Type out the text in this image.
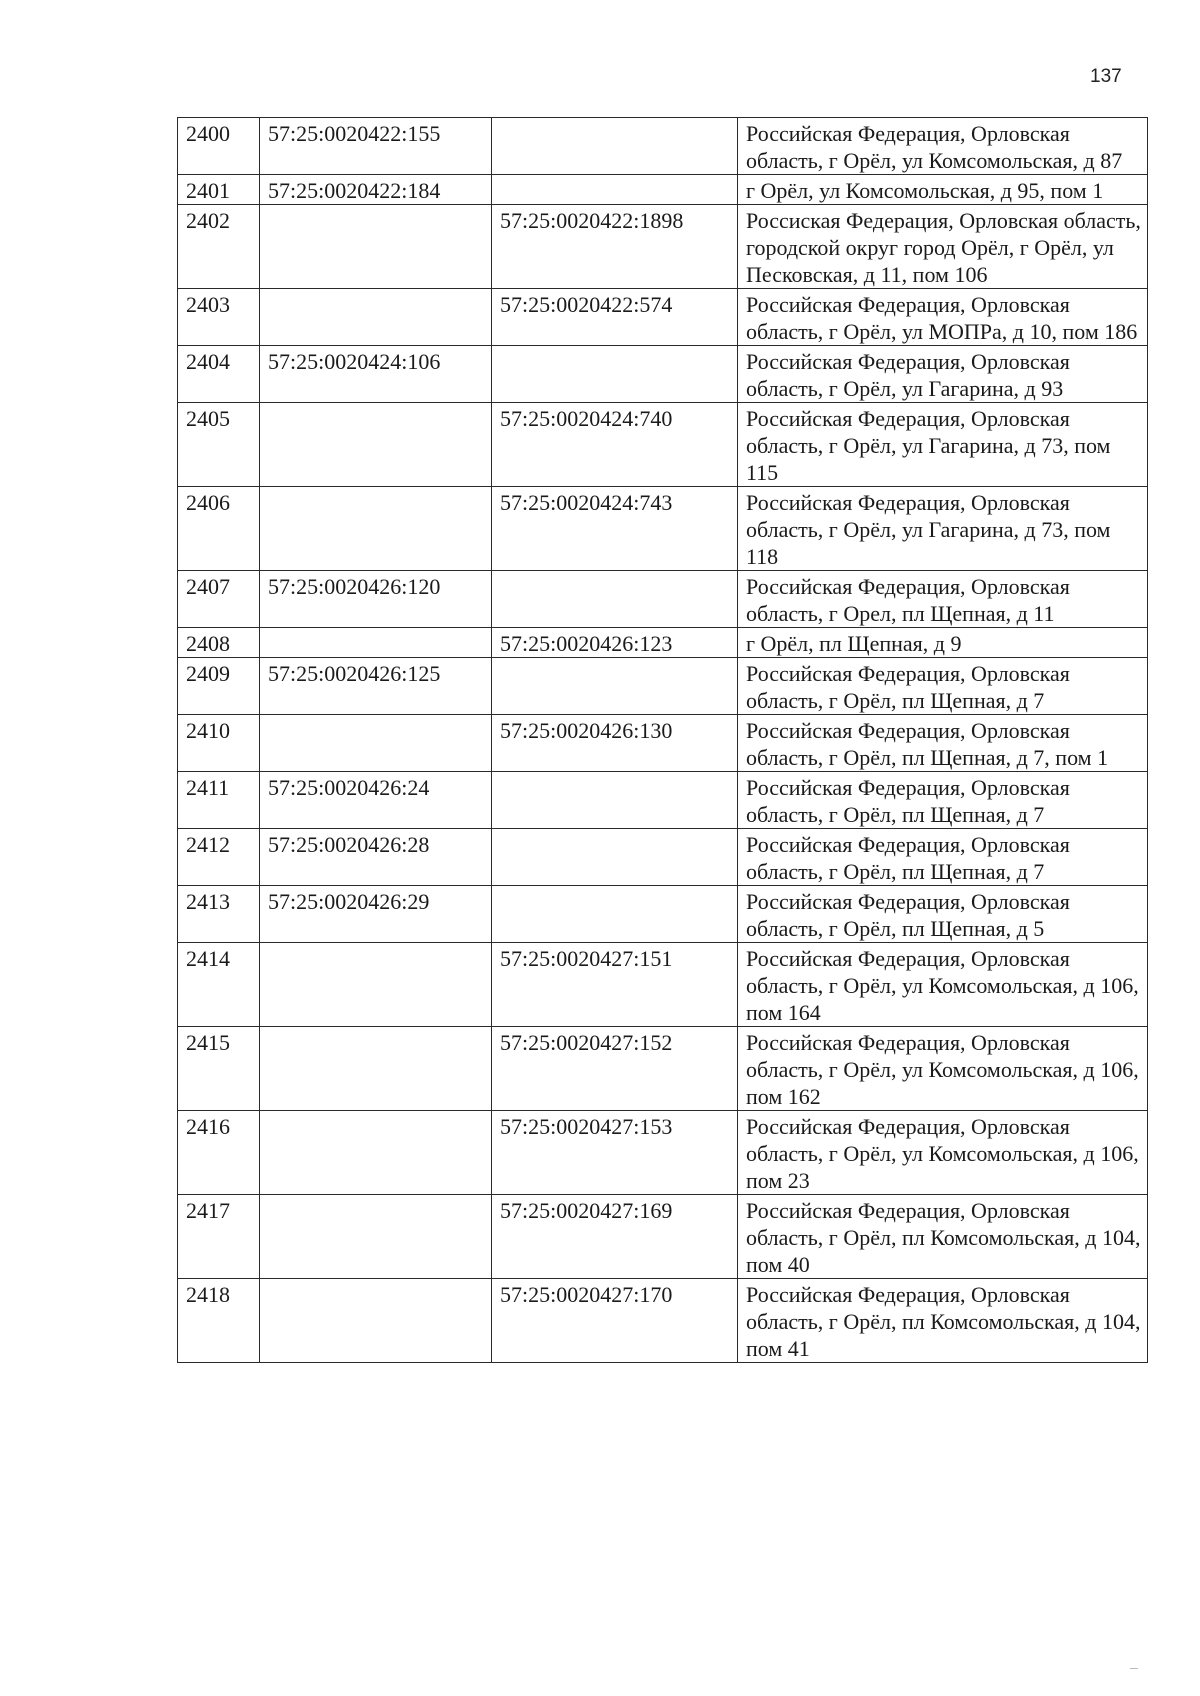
137
2400	57:25:0020422:155		Российская Федерация, Орловская область, г Орёл, ул Комсомольская, д 87
2401	57:25:0020422:184		г Орёл, ул Комсомольская, д 95, пом 1
2402		57:25:0020422:1898	Россиская Федерация, Орловская область, городской округ город Орёл, г Орёл, ул Песковская, д 11, пом 106
2403		57:25:0020422:574	Российская Федерация, Орловская область, г Орёл, ул МОПРа, д 10, пом 186
2404	57:25:0020424:106		Российская Федерация, Орловская область, г Орёл, ул Гагарина, д 93
2405		57:25:0020424:740	Российская Федерация, Орловская область, г Орёл, ул Гагарина, д 73, пом 115
2406		57:25:0020424:743	Российская Федерация, Орловская область, г Орёл, ул Гагарина, д 73, пом 118
2407	57:25:0020426:120		Российская Федерация, Орловская область, г Орел, пл Щепная, д 11
2408		57:25:0020426:123	г Орёл, пл Щепная, д 9
2409	57:25:0020426:125		Российская Федерация, Орловская область, г Орёл, пл Щепная, д 7
2410		57:25:0020426:130	Российская Федерация, Орловская область, г Орёл, пл Щепная, д 7, пом 1
2411	57:25:0020426:24		Российская Федерация, Орловская область, г Орёл, пл Щепная, д 7
2412	57:25:0020426:28		Российская Федерация, Орловская область, г Орёл, пл Щепная, д 7
2413	57:25:0020426:29		Российская Федерация, Орловская область, г Орёл, пл Щепная, д 5
2414		57:25:0020427:151	Российская Федерация, Орловская область, г Орёл, ул Комсомольская, д 106, пом 164
2415		57:25:0020427:152	Российская Федерация, Орловская область, г Орёл, ул Комсомольская, д 106, пом 162
2416		57:25:0020427:153	Российская Федерация, Орловская область, г Орёл, ул Комсомольская, д 106, пом 23
2417		57:25:0020427:169	Российская Федерация, Орловская область, г Орёл, пл Комсомольская, д 104, пом 40
2418		57:25:0020427:170	Российская Федерация, Орловская область, г Орёл, пл Комсомольская, д 104, пом 41
